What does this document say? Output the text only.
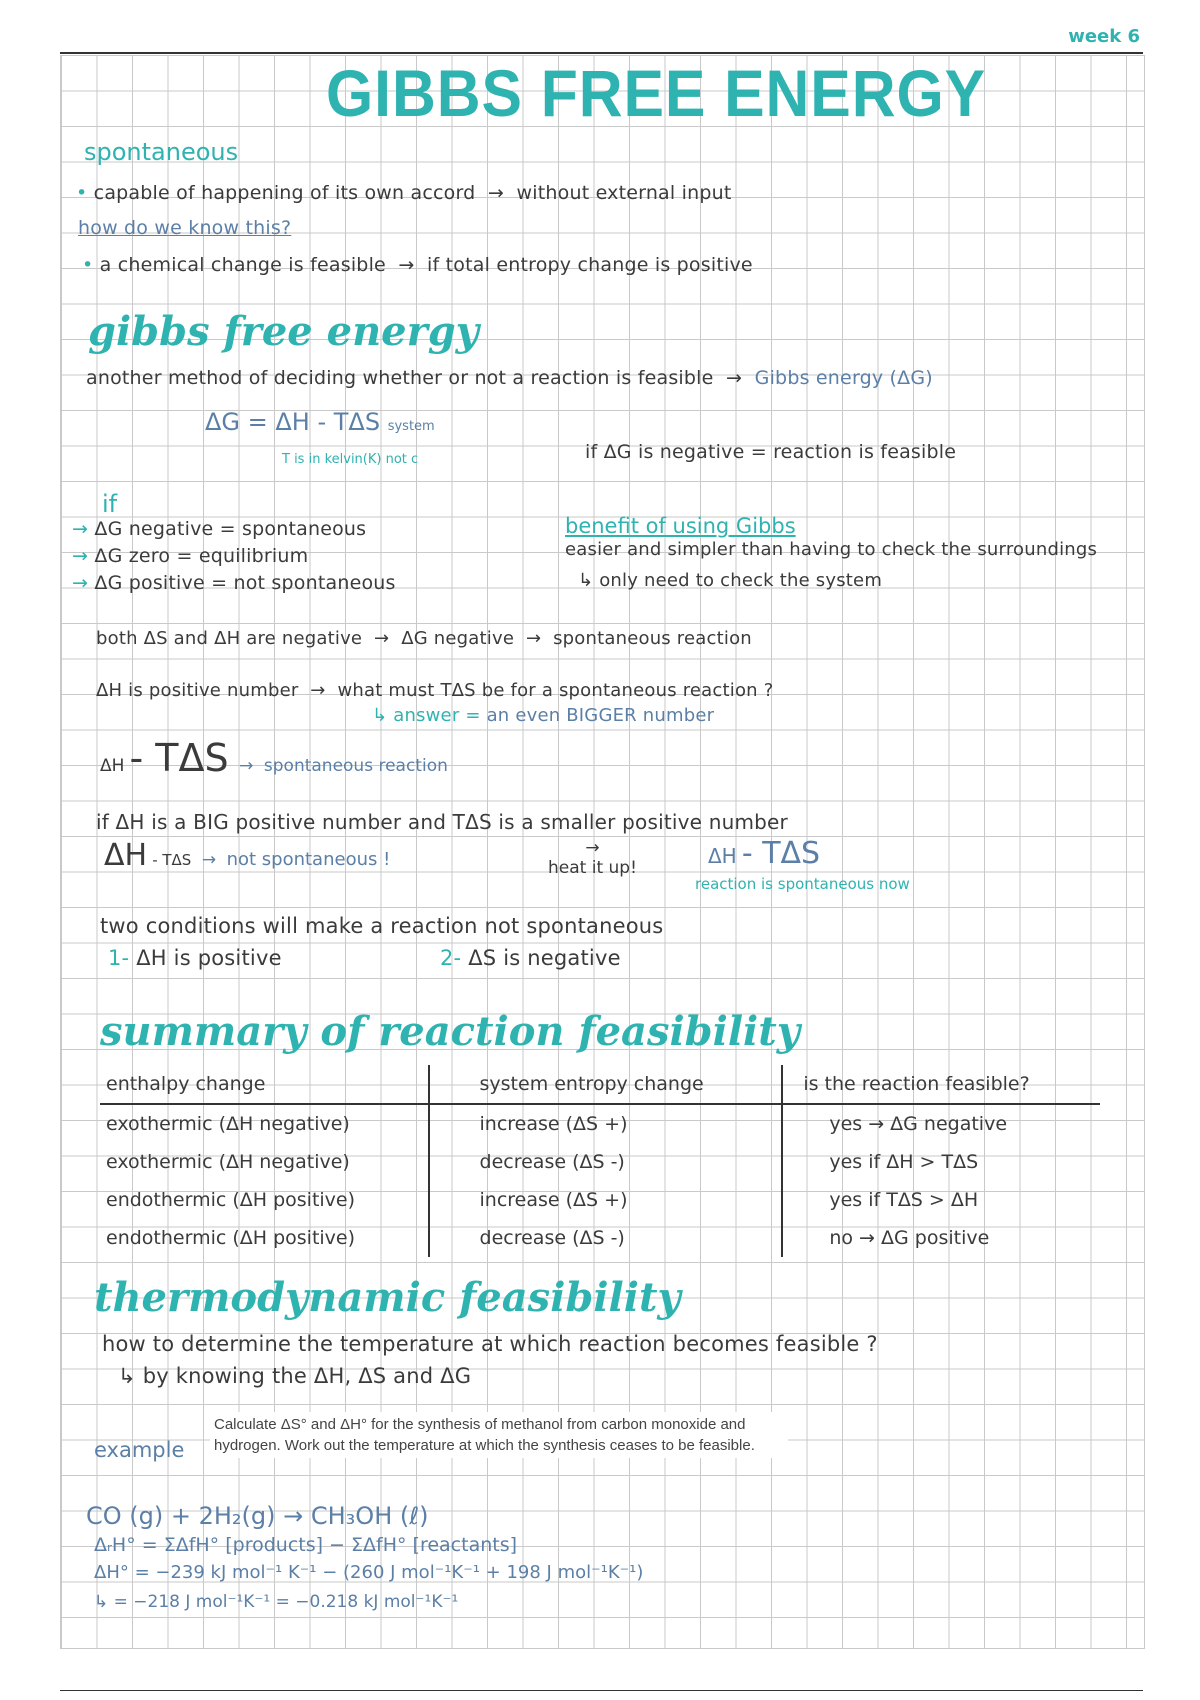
week 6
GIBBS FREE ENERGY
spontaneous
• capable of happening of its own accord  →  without external input
how do we know this?
• a chemical change is feasible  →  if total entropy change is positive
gibbs free energy
another method of deciding whether or not a reaction is feasible  →  Gibbs energy (ΔG)
ΔG = ΔH - TΔS system
T is in kelvin(K) not c	if ΔG is negative = reaction is feasible
if
→ ΔG negative = spontaneous
→ ΔG zero = equilibrium
→ ΔG positive = not spontaneous
benefit of using Gibbs
easier and simpler than having to check the surroundings
↳ only need to check the system
both ΔS and ΔH are negative  →  ΔG negative  →  spontaneous reaction
ΔH is positive number  →  what must TΔS be for a spontaneous reaction ?
↳ answer = an even BIGGER number
ΔH - TΔS  →  spontaneous reaction
if ΔH is a BIG positive number and TΔS is a smaller positive number
ΔH - TΔS  →  not spontaneous !
→
heat it up!	ΔH - TΔS
reaction is spontaneous now
two conditions will make a reaction not spontaneous
1- ΔH is positive	2- ΔS is negative
summary of reaction feasibility
enthalpy change	system entropy change	is the reaction feasible?
exothermic (ΔH negative)	increase (ΔS +)	yes → ΔG negative
exothermic (ΔH negative)	decrease (ΔS -)	yes if ΔH > TΔS
endothermic (ΔH positive)	increase (ΔS +)	yes if TΔS > ΔH
endothermic (ΔH positive)	decrease (ΔS -)	no → ΔG positive
thermodynamic feasibility
how to determine the temperature at which reaction becomes feasible ?
↳ by knowing the ΔH, ΔS and ΔG
example
Calculate ΔS° and ΔH° for the synthesis of methanol from carbon monoxide and hydrogen. Work out the temperature at which the synthesis ceases to be feasible.
CO (g) + 2H₂(g) → CH₃OH (ℓ)
ΔᵣH° = ΣΔfH° [products] − ΣΔfH° [reactants]
ΔH° = −239 kJ mol⁻¹ K⁻¹ − (260 J mol⁻¹K⁻¹ + 198 J mol⁻¹K⁻¹)
↳ = −218 J mol⁻¹K⁻¹ = −0.218 kJ mol⁻¹K⁻¹
